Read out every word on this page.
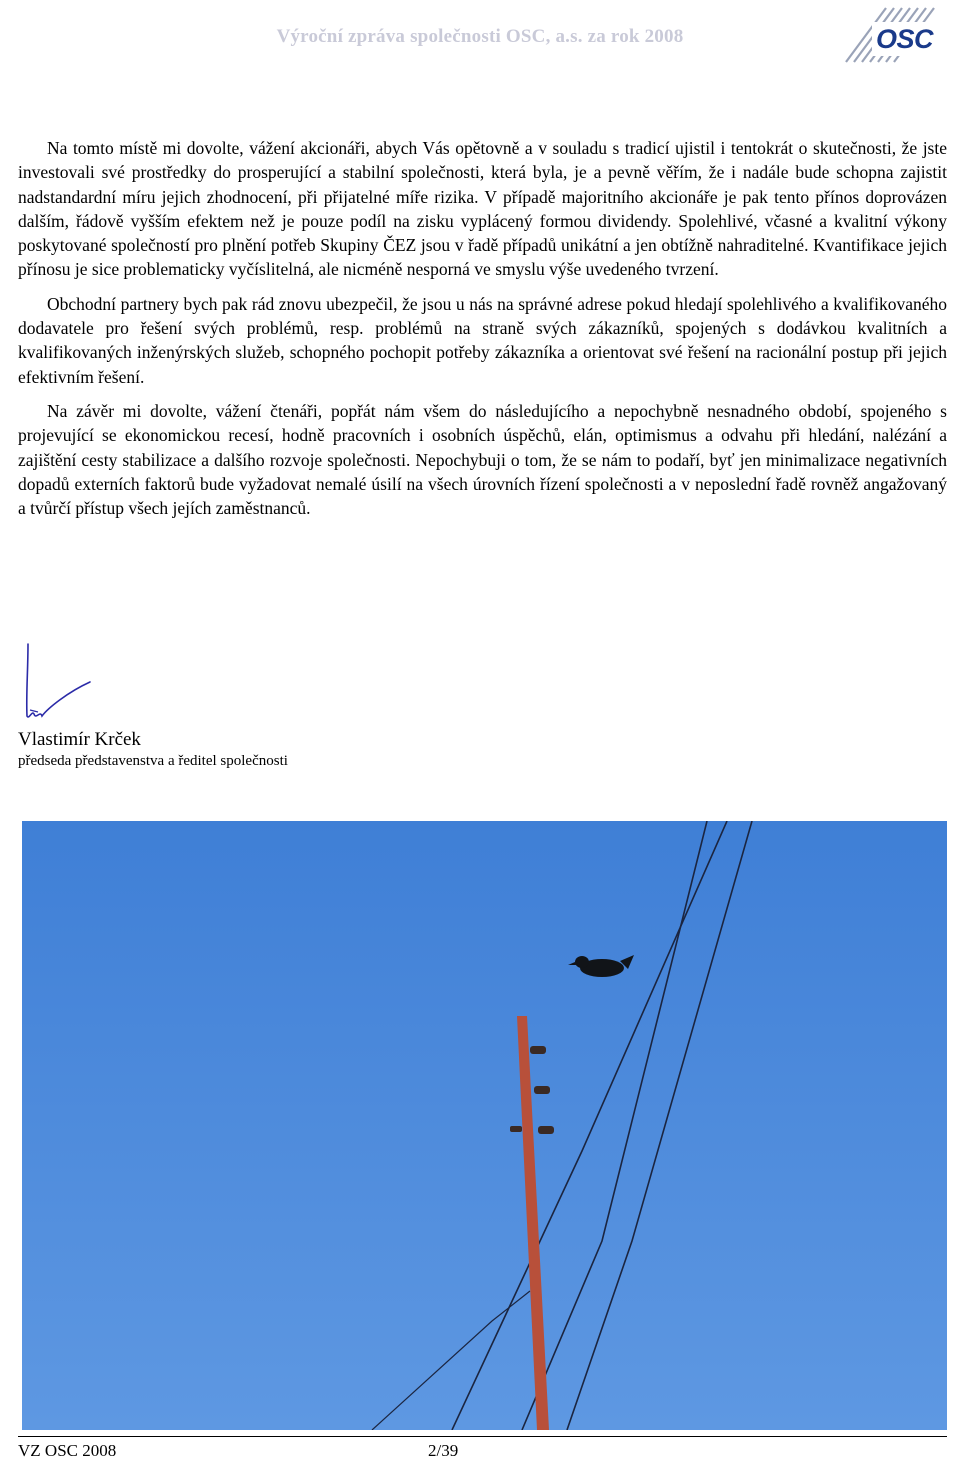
Výroční zpráva společnosti OSC, a.s. za rok 2008	OSC

Na tomto místě mi dovolte, vážení akcionáři, abych Vás opětovně a v souladu s tradicí ujistil i tentokrát o skutečnosti, že jste investovali své prostředky do prosperující a stabilní společnosti, která byla, je a pevně věřím, že i nadále bude schopna zajistit nadstandardní míru jejich zhodnocení, při přijatelné míře rizika. V případě majoritního akcionáře je pak tento přínos doprovázen dalším, řádově vyšším efektem než je pouze podíl na zisku vyplácený formou dividendy. Spolehlivé, včasné a kvalitní výkony poskytované společností pro plnění potřeb Skupiny ČEZ jsou v řadě případů unikátní a jen obtížně nahraditelné. Kvantifikace jejich přínosu je sice problematicky vyčíslitelná, ale nicméně nesporná ve smyslu výše uvedeného tvrzení.

Obchodní partnery bych pak rád znovu ubezpečil, že jsou u nás na správné adrese pokud hledají spolehlivého a kvalifikovaného dodavatele pro řešení svých problémů, resp. problémů na straně svých zákazníků, spojených s dodávkou kvalitních a kvalifikovaných inženýrských služeb, schopného pochopit potřeby zákazníka a orientovat své řešení na racionální postup při jejich efektivním řešení.

Na závěr mi dovolte, vážení čtenáři, popřát nám všem do následujícího a nepochybně nesnadného období, spojeného s projevující se ekonomickou recesí, hodně pracovních i osobních úspěchů, elán, optimismus a odvahu při hledání, nalézání a zajištění cesty stabilizace a dalšího rozvoje společnosti. Nepochybuji o tom, že se nám to podaří, byť jen minimalizace negativních dopadů externích faktorů bude vyžadovat nemalé úsilí na všech úrovních řízení společnosti a v neposlední řadě rovněž angažovaný a tvůrčí přístup všech jejích zaměstnanců.

Vlastimír Krček
předseda představenstva a ředitel společnosti
VZ OSC 2008	2/39
